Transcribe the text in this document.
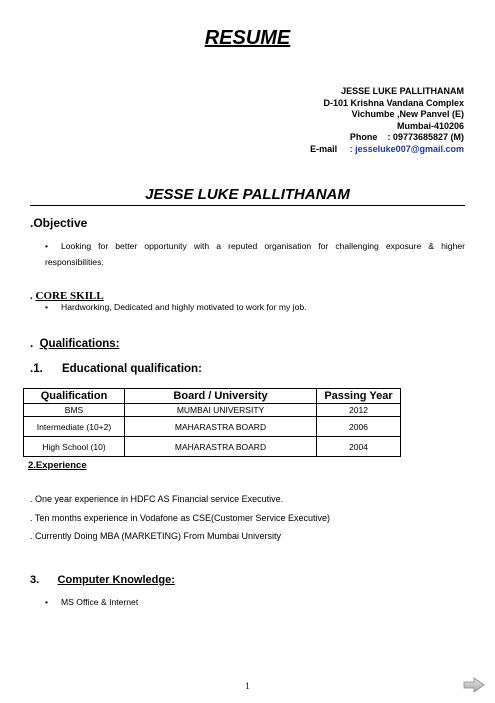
RESUME
JESSE LUKE PALLITHANAM
D-101 Krishna Vandana Complex
Vichumbe ,New Panvel (E)
Mumbai-410206
Phone : 09773685827 (M)
E-mail : jesseluke007@gmail.com
JESSE LUKE PALLITHANAM
.Objective
• Looking for better opportunity with a reputed organisation for challenging exposure & higher responsibilities.
. CORE SKILL
• Hardworking, Dedicated and highly motivated to work for my job.
. Qualifications:
.1. Educational qualification:
Qualification	Board / University	Passing Year
BMS	MUMBAI UNIVERSITY	2012
Intermediate (10+2)	MAHARASTRA BOARD	2006
High School (10)	MAHARASTRA BOARD	2004
2.Experience
. One year experience in HDFC AS Financial service Executive.
. Ten months experience in Vodafone as CSE(Customer Service Executive)
. Currently Doing MBA (MARKETING) From Mumbai University
3. Computer Knowledge:
• MS Office & Internet
1
